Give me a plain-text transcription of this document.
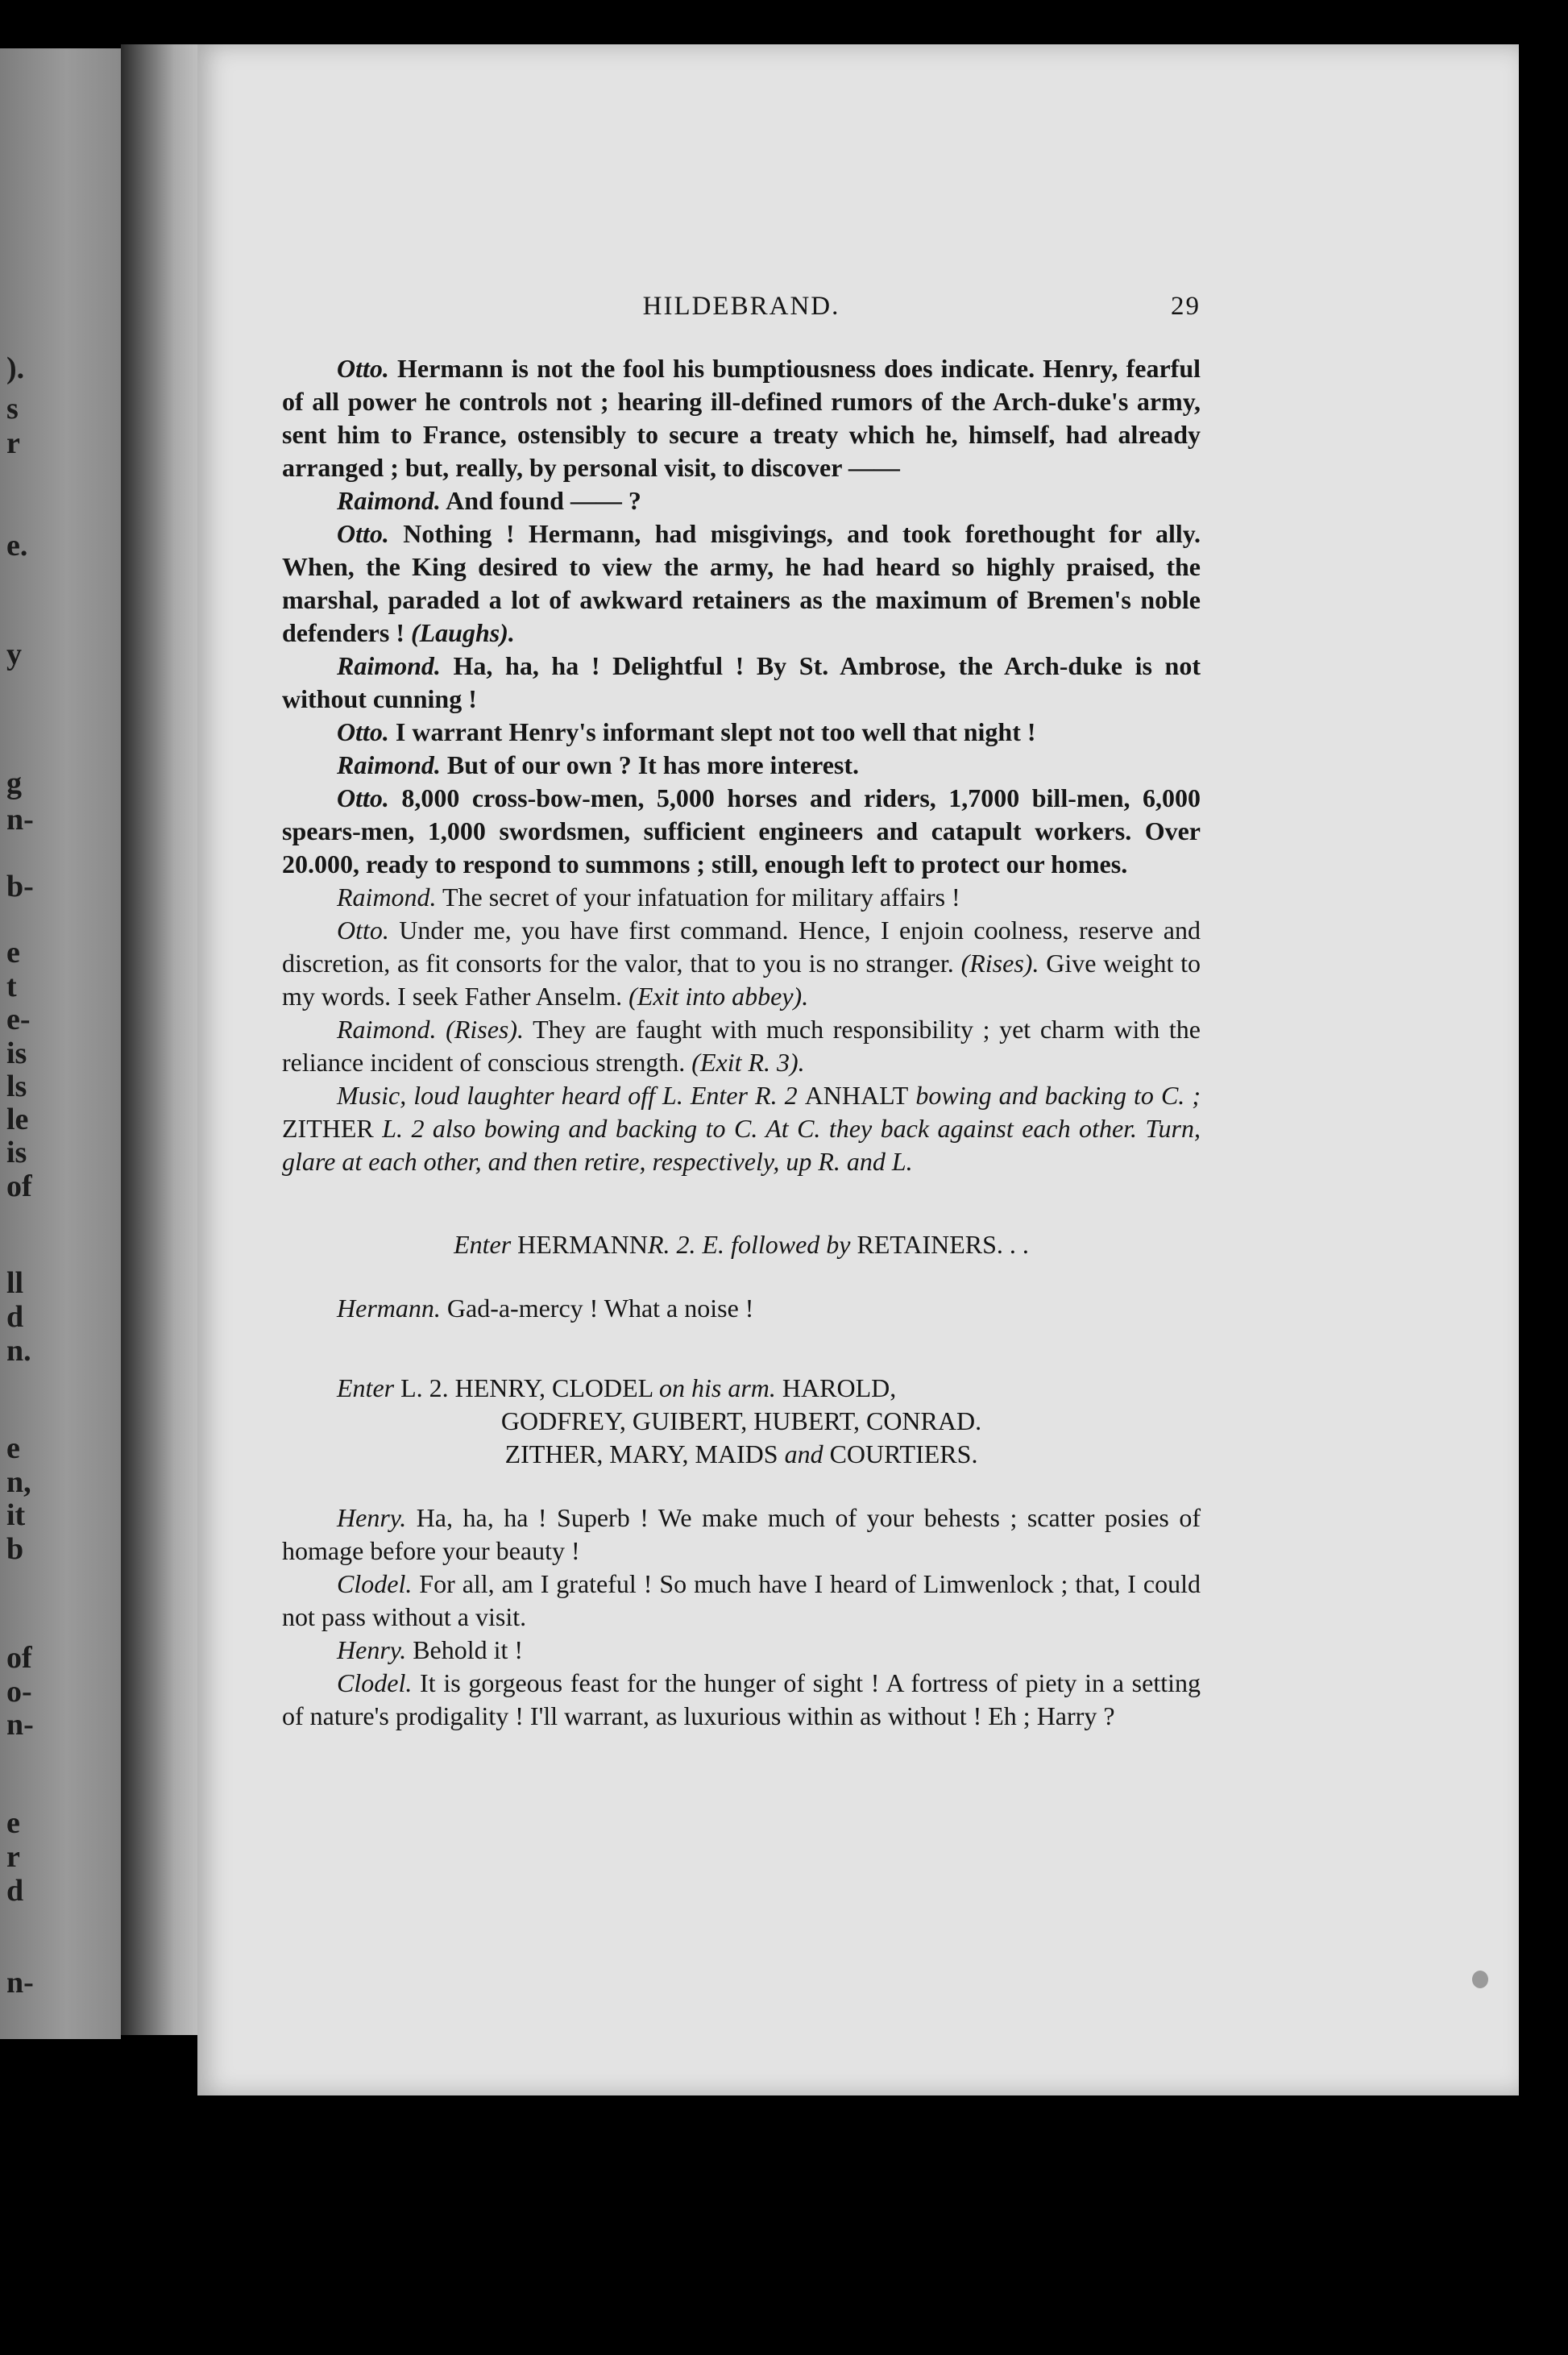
).
s
r
e.
y
g
n-
b-
e
t
e-
is
ls
le
is
of
ll
d
n.
e
n,
it
b
of
o-
n-
e
r
d
n-
HILDEBRAND.	29

Otto. Hermann is not the fool his bumptiousness does indicate. Henry, fearful of all power he controls not ; hearing ill-defined rumors of the Arch-duke's army, sent him to France, ostensibly to secure a treaty which he, himself, had already arranged ; but, really, by personal visit, to discover ——

Raimond. And found —— ?

Otto. Nothing ! Hermann, had misgivings, and took forethought for ally. When, the King desired to view the army, he had heard so highly praised, the marshal, paraded a lot of awkward retainers as the maximum of Bremen's noble defenders ! (Laughs).

Raimond. Ha, ha, ha ! Delightful ! By St. Ambrose, the Arch-duke is not without cunning !

Otto. I warrant Henry's informant slept not too well that night !

Raimond. But of our own ? It has more interest.

Otto. 8,000 cross-bow-men, 5,000 horses and riders, 1,7000 bill-men, 6,000 spears-men, 1,000 swordsmen, sufficient engineers and catapult workers. Over 20.000, ready to respond to summons ; still, enough left to protect our homes.

Raimond. The secret of your infatuation for military affairs !

Otto. Under me, you have first command. Hence, I enjoin coolness, reserve and discretion, as fit consorts for the valor, that to you is no stranger. (Rises). Give weight to my words. I seek Father Anselm. (Exit into abbey).

Raimond. (Rises). They are faught with much responsibility ; yet charm with the reliance incident of conscious strength. (Exit R. 3).

Music, loud laughter heard off L. Enter R. 2 ANHALT bowing and backing to C. ; ZITHER L. 2 also bowing and backing to C. At C. they back against each other. Turn, glare at each other, and then retire, respectively, up R. and L.

Enter HERMANNR. 2. E. followed by RETAINERS. . .

Hermann. Gad-a-mercy ! What a noise !

Enter L. 2. HENRY, CLODEL on his arm. HAROLD,
GODFREY, GUIBERT, HUBERT, CONRAD.
ZITHER, MARY, MAIDS and COURTIERS.

Henry. Ha, ha, ha ! Superb ! We make much of your behests ; scatter posies of homage before your beauty !

Clodel. For all, am I grateful ! So much have I heard of Limwenlock ; that, I could not pass without a visit.

Henry. Behold it !

Clodel. It is gorgeous feast for the hunger of sight ! A fortress of piety in a setting of nature's prodigality ! I'll warrant, as luxurious within as without ! Eh ; Harry ?
